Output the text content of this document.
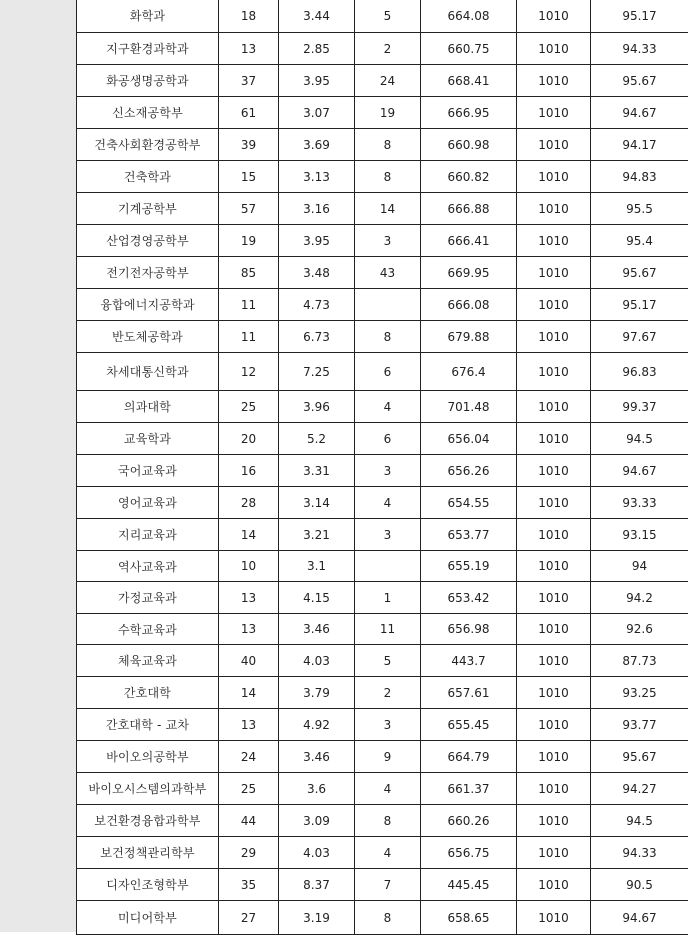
화학과	18	3.44	5	664.08	1010	95.17
지구환경과학과	13	2.85	2	660.75	1010	94.33
화공생명공학과	37	3.95	24	668.41	1010	95.67
신소재공학부	61	3.07	19	666.95	1010	94.67
건축사회환경공학부	39	3.69	8	660.98	1010	94.17
건축학과	15	3.13	8	660.82	1010	94.83
기계공학부	57	3.16	14	666.88	1010	95.5
산업경영공학부	19	3.95	3	666.41	1010	95.4
전기전자공학부	85	3.48	43	669.95	1010	95.67
융합에너지공학과	11	4.73		666.08	1010	95.17
반도체공학과	11	6.73	8	679.88	1010	97.67
차세대통신학과	12	7.25	6	676.4	1010	96.83
의과대학	25	3.96	4	701.48	1010	99.37
교육학과	20	5.2	6	656.04	1010	94.5
국어교육과	16	3.31	3	656.26	1010	94.67
영어교육과	28	3.14	4	654.55	1010	93.33
지리교육과	14	3.21	3	653.77	1010	93.15
역사교육과	10	3.1		655.19	1010	94
가정교육과	13	4.15	1	653.42	1010	94.2
수학교육과	13	3.46	11	656.98	1010	92.6
체육교육과	40	4.03	5	443.7	1010	87.73
간호대학	14	3.79	2	657.61	1010	93.25
간호대학 - 교차	13	4.92	3	655.45	1010	93.77
바이오의공학부	24	3.46	9	664.79	1010	95.67
바이오시스템의과학부	25	3.6	4	661.37	1010	94.27
보건환경융합과학부	44	3.09	8	660.26	1010	94.5
보건정책관리학부	29	4.03	4	656.75	1010	94.33
디자인조형학부	35	8.37	7	445.45	1010	90.5
미디어학부	27	3.19	8	658.65	1010	94.67
